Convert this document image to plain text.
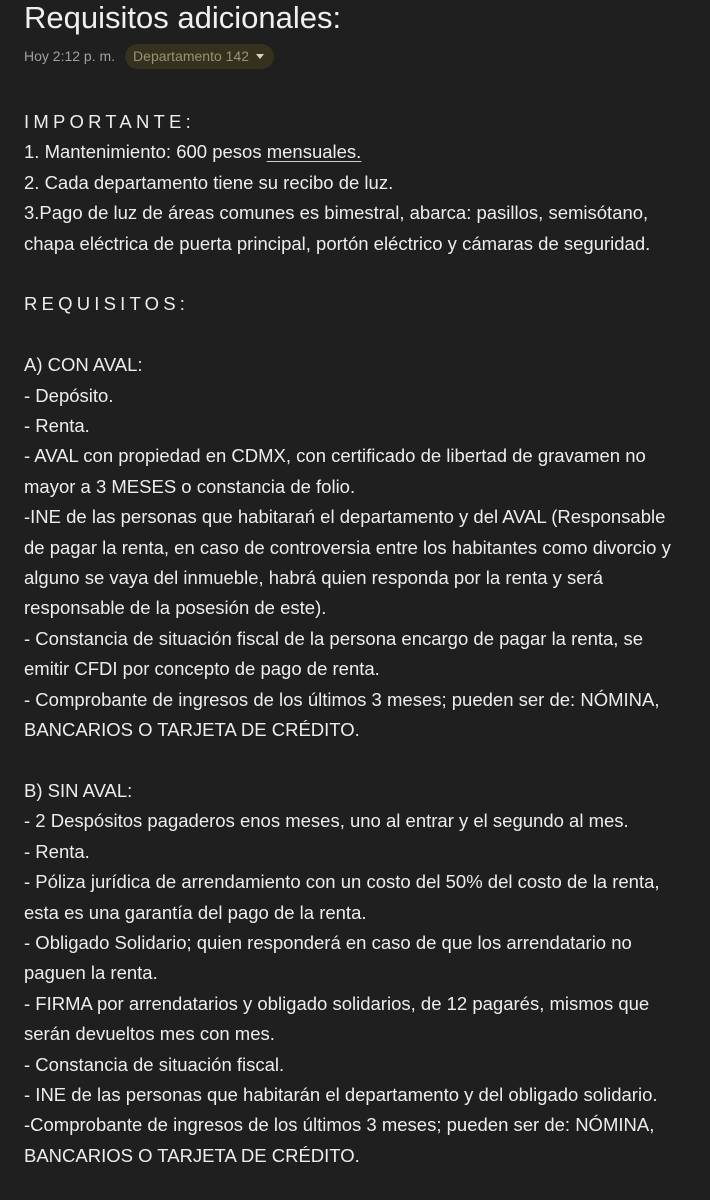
Requisitos adicionales:
Hoy 2:12 p. m. Departamento 142
IMPORTANTE:
1. Mantenimiento: 600 pesos mensuales.
2. Cada departamento tiene su recibo de luz.
3.Pago de luz de áreas comunes es bimestral, abarca: pasillos, semisótano,
chapa eléctrica de puerta principal, portón eléctrico y cámaras de seguridad.
REQUISITOS:
A) CON AVAL:
- Depósito.
- Renta.
- AVAL con propiedad en CDMX, con certificado de libertad de gravamen no
mayor a 3 MESES o constancia de folio.
-INE de las personas que habitarań el departamento y del AVAL (Responsable
de pagar la renta, en caso de controversia entre los habitantes como divorcio y
alguno se vaya del inmueble, habrá quien responda por la renta y será
responsable de la posesión de este).
- Constancia de situación fiscal de la persona encargo de pagar la renta, se
emitir CFDI por concepto de pago de renta.
- Comprobante de ingresos de los últimos 3 meses; pueden ser de: NÓMINA,
BANCARIOS O TARJETA DE CRÉDITO.
B) SIN AVAL:
- 2 Despósitos pagaderos enos meses, uno al entrar y el segundo al mes.
- Renta.
- Póliza jurídica de arrendamiento con un costo del 50% del costo de la renta,
esta es una garantía del pago de la renta.
- Obligado Solidario; quien responderá en caso de que los arrendatario no
paguen la renta.
- FIRMA por arrendatarios y obligado solidarios, de 12 pagarés, mismos que
serán devueltos mes con mes.
- Constancia de situación fiscal.
- INE de las personas que habitarán el departamento y del obligado solidario.
-Comprobante de ingresos de los últimos 3 meses; pueden ser de: NÓMINA,
BANCARIOS O TARJETA DE CRÉDITO.
